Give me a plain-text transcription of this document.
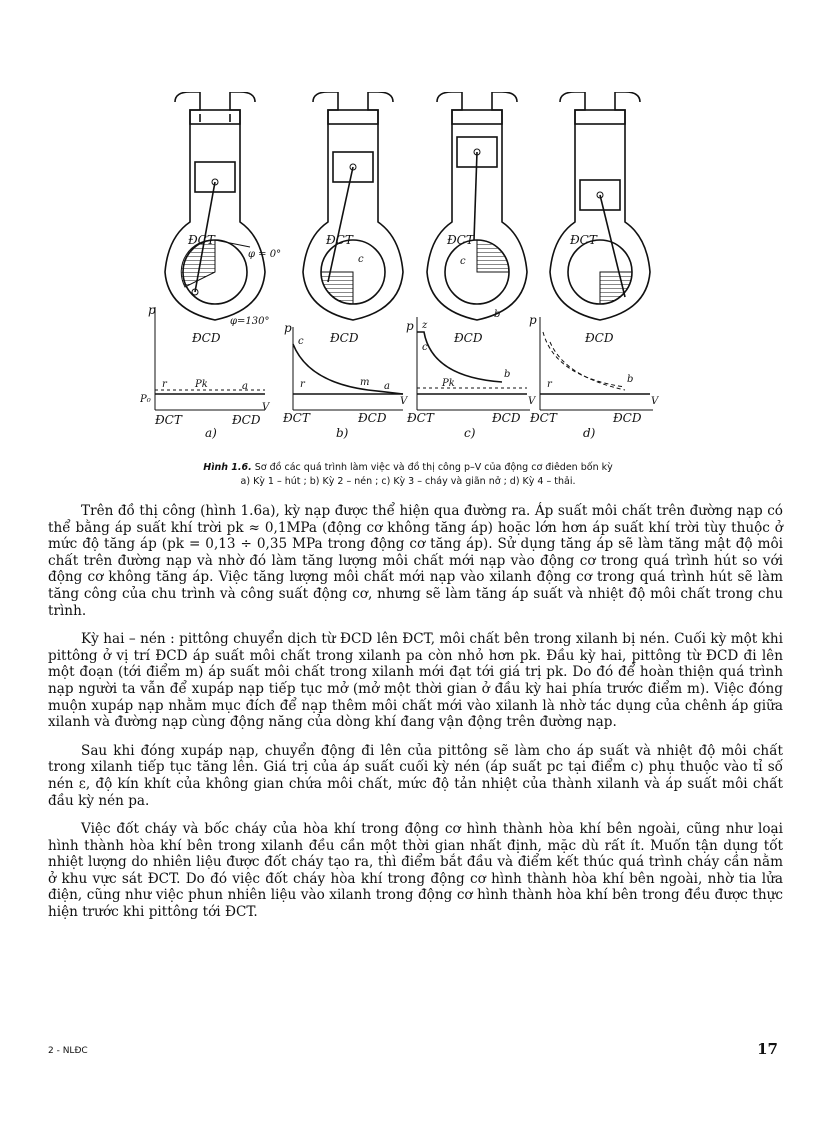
ĐCT
φ = 0°
φ=130°
ĐCD
p
P₀
r	Pk	a
V
ĐCT	ĐCD
a)
ĐCT
c
ĐCD
p
c
r	m a
V
ĐCT	ĐCD
b)
ĐCT
c
b
ĐCD
p z
c
b
Pk
V
ĐCT	ĐCD
c)
ĐCT
ĐCD
p
r	b
V
ĐCT	ĐCD
d)
Hình 1.6. Sơ đồ các quá trình làm việc và đồ thị công p–V của động cơ điêden bốn kỳ
a) Kỳ 1 – hút ; b) Kỳ 2 – nén ; c) Kỳ 3 – cháy và giãn nở ; d) Kỳ 4 – thải.

Trên đồ thị công (hình 1.6a), kỳ nạp được thể hiện qua đường ra. Áp suất môi chất trên đường nạp có thể bằng áp suất khí trời pk ≈ 0,1MPa (động cơ không tăng áp) hoặc lớn hơn áp suất khí trời tùy thuộc ở mức độ tăng áp (pk = 0,13 ÷ 0,35 MPa trong động cơ tăng áp). Sử dụng tăng áp sẽ làm tăng mật độ môi chất trên đường nạp và nhờ đó làm tăng lượng môi chất mới nạp vào động cơ trong quá trình hút so với động cơ không tăng áp. Việc tăng lượng môi chất mới nạp vào xilanh động cơ trong quá trình hút sẽ làm tăng công của chu trình và công suất động cơ, nhưng sẽ làm tăng áp suất và nhiệt độ môi chất trong chu trình.

Kỳ hai – nén : pittông chuyển dịch từ ĐCD lên ĐCT, môi chất bên trong xilanh bị nén. Cuối kỳ một khi pittông ở vị trí ĐCD áp suất môi chất trong xilanh pa còn nhỏ hơn pk. Đầu kỳ hai, pittông từ ĐCD đi lên một đoạn (tới điểm m) áp suất môi chất trong xilanh mới đạt tới giá trị pk. Do đó để hoàn thiện quá trình nạp người ta vẫn để xupáp nạp tiếp tục mở (mở một thời gian ở đầu kỳ hai phía trước điểm m). Việc đóng muộn xupáp nạp nhằm mục đích để nạp thêm môi chất mới vào xilanh là nhờ tác dụng của chênh áp giữa xilanh và đường nạp cùng động năng của dòng khí đang vận động trên đường nạp.

Sau khi đóng xupáp nạp, chuyển động đi lên của pittông sẽ làm cho áp suất và nhiệt độ môi chất trong xilanh tiếp tục tăng lên. Giá trị của áp suất cuối kỳ nén (áp suất pc tại điểm c) phụ thuộc vào tỉ số nén ε, độ kín khít của không gian chứa môi chất, mức độ tản nhiệt của thành xilanh và áp suất môi chất đầu kỳ nén pa.

Việc đốt cháy và bốc cháy của hòa khí trong động cơ hình thành hòa khí bên ngoài, cũng như loại hình thành hòa khí bên trong xilanh đều cần một thời gian nhất định, mặc dù rất ít. Muốn tận dụng tốt nhiệt lượng do nhiên liệu được đốt cháy tạo ra, thì điểm bắt đầu và điểm kết thúc quá trình cháy cần nằm ở khu vực sát ĐCT. Do đó việc đốt cháy hòa khí trong động cơ hình thành hòa khí bên ngoài, nhờ tia lửa điện, cũng như việc phun nhiên liệu vào xilanh trong động cơ hình thành hòa khí bên trong đều được thực hiện trước khi pittông tới ĐCT.

2 - NLĐC	17
